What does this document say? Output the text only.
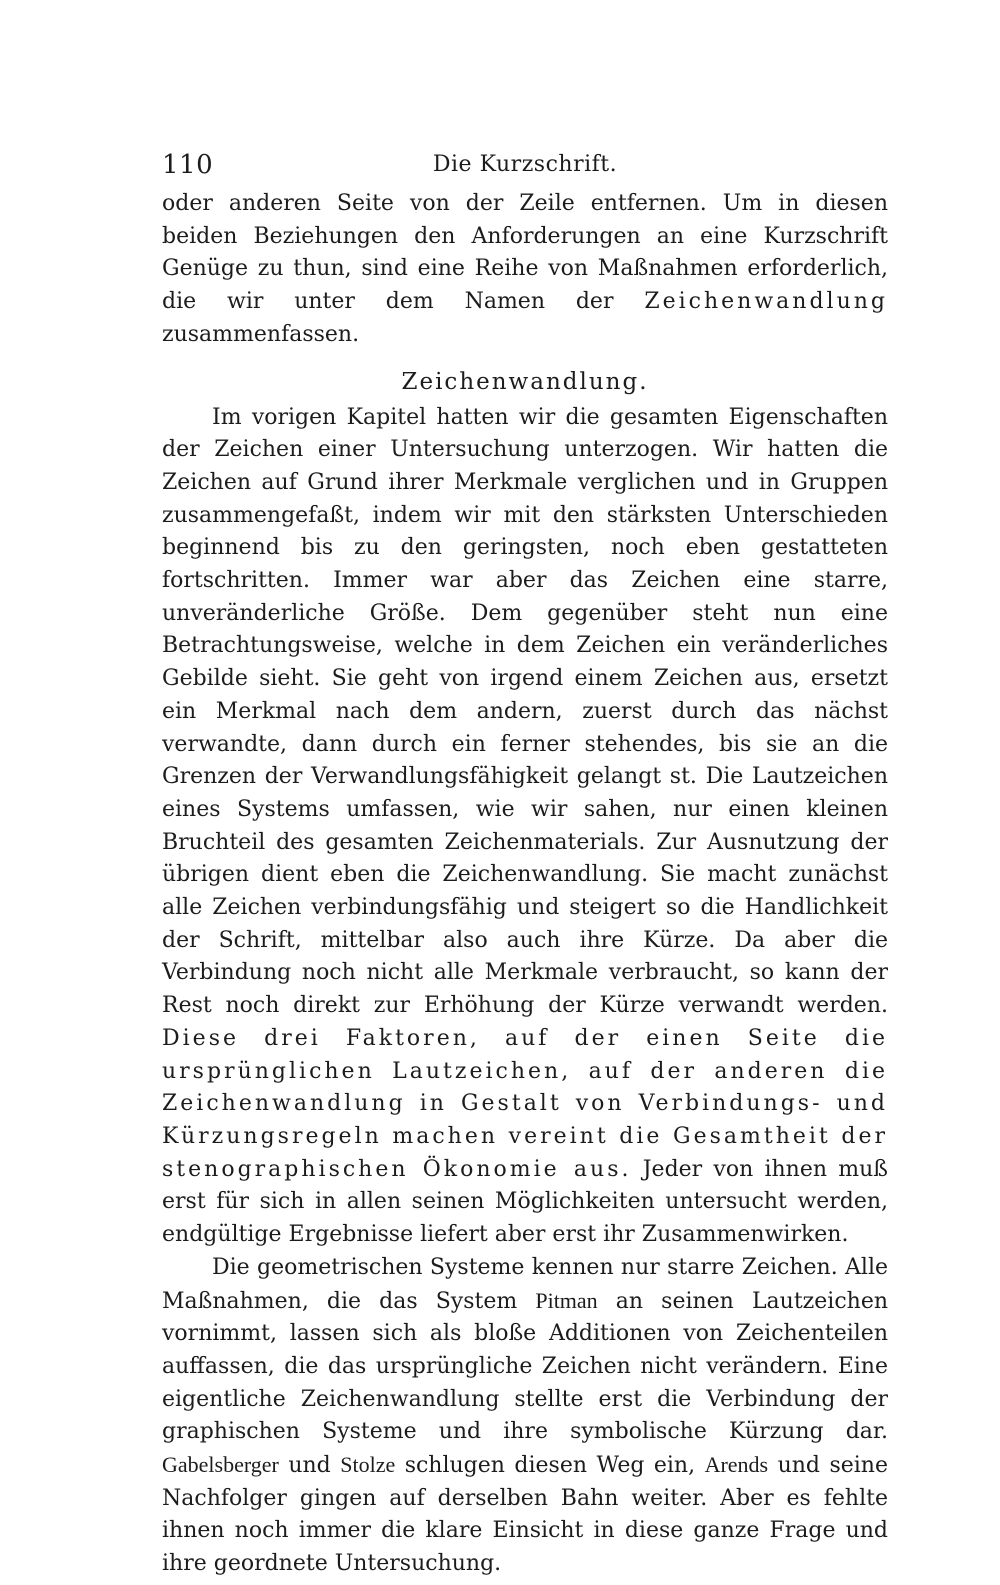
110	Die Kurzschrift.

oder anderen Seite von der Zeile entfernen. Um in diesen beiden Beziehungen den Anforderungen an eine Kurzschrift Genüge zu thun, sind eine Reihe von Maßnahmen erforderlich, die wir unter dem Namen der Zeichenwandlung zusammenfassen.

Zeichenwandlung.

Im vorigen Kapitel hatten wir die gesamten Eigenschaften der Zeichen einer Untersuchung unterzogen. Wir hatten die Zeichen auf Grund ihrer Merkmale verglichen und in Gruppen zusammengefaßt, indem wir mit den stärksten Unterschieden beginnend bis zu den geringsten, noch eben gestatteten fortschritten. Immer war aber das Zeichen eine starre, unveränderliche Größe. Dem gegenüber steht nun eine Betrachtungsweise, welche in dem Zeichen ein veränderliches Gebilde sieht. Sie geht von irgend einem Zeichen aus, ersetzt ein Merkmal nach dem andern, zuerst durch das nächst verwandte, dann durch ein ferner stehendes, bis sie an die Grenzen der Verwandlungsfähigkeit gelangt st. Die Lautzeichen eines Systems umfassen, wie wir sahen, nur einen kleinen Bruchteil des gesamten Zeichenmaterials. Zur Ausnutzung der übrigen dient eben die Zeichenwandlung. Sie macht zunächst alle Zeichen verbindungsfähig und steigert so die Handlichkeit der Schrift, mittelbar also auch ihre Kürze. Da aber die Verbindung noch nicht alle Merkmale verbraucht, so kann der Rest noch direkt zur Erhöhung der Kürze verwandt werden. Diese drei Faktoren, auf der einen Seite die ursprünglichen Lautzeichen, auf der anderen die Zeichenwandlung in Gestalt von Verbindungs- und Kürzungsregeln machen vereint die Gesamtheit der stenographischen Ökonomie aus. Jeder von ihnen muß erst für sich in allen seinen Möglichkeiten untersucht werden, endgültige Ergebnisse liefert aber erst ihr Zusammenwirken.

Die geometrischen Systeme kennen nur starre Zeichen. Alle Maßnahmen, die das System Pitman an seinen Lautzeichen vornimmt, lassen sich als bloße Additionen von Zeichenteilen auffassen, die das ursprüngliche Zeichen nicht verändern. Eine eigentliche Zeichenwandlung stellte erst die Verbindung der graphischen Systeme und ihre symbolische Kürzung dar. Gabelsberger und Stolze schlugen diesen Weg ein, Arends und seine Nachfolger gingen auf derselben Bahn weiter. Aber es fehlte ihnen noch immer die klare Einsicht in diese ganze Frage und ihre geordnete Untersuchung.
